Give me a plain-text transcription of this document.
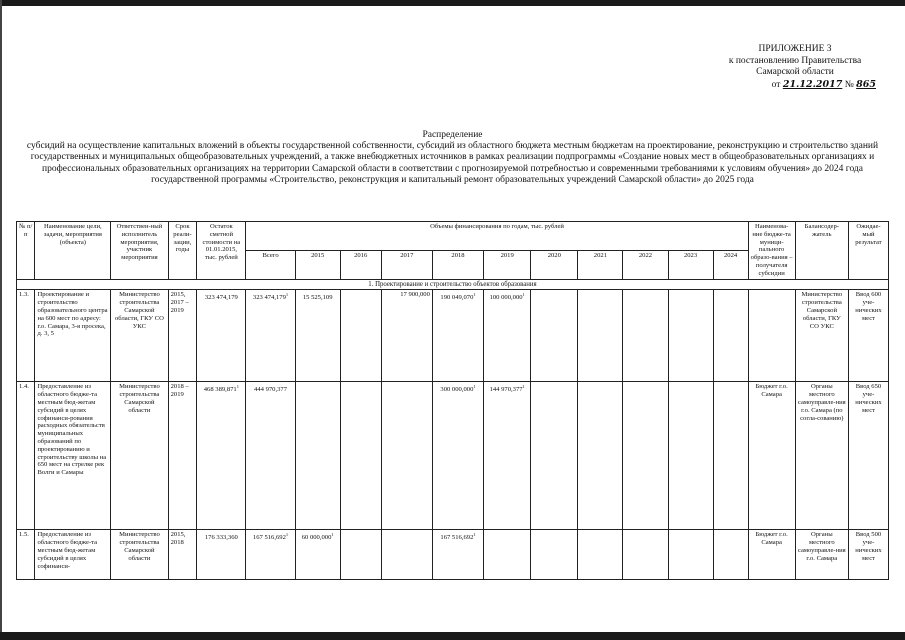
ПРИЛОЖЕНИЕ 3
к постановлению Правительства
Самарской области
от 21.12.2017 № 865
Распределение
субсидий на осуществление капитальных вложений в объекты государственной собственности, субсидий из областного бюджета местным бюджетам на проектирование, реконструкцию и строительство зданий государственных и муниципальных общеобразовательных учреждений, а также внебюджетных источников в рамках реализации подпрограммы «Создание новых мест в общеобразовательных организациях и профессиональных образовательных организациях на территории Самарской области в соответствии с прогнозируемой потребностью и современными требованиями к условиям обучения» до 2024 года государственной программы «Строительство, реконструкция и капитальный ремонт образовательных учреждений Самарской области» до 2025 года
№ п/п	Наименование цели, задачи, мероприятия (объекта)	Ответствен-ный исполнитель мероприятия, участник мероприятия	Срок реали-зации, годы	Остаток сметной стоимости на 01.01.2015, тыс. рублей	Объемы финансирования по годам, тыс. рублей											Наименова-ние бюдже-та муници-пального образо-вания – получателя субсидии	Балансодер-жатель	Ожидае-мый результат
					Всего	2015	2016	2017	2018	2019	2020	2021	2022	2023	2024			
1. Проектирование и строительство объектов образования																		
1.3.	Проектирование и строительство образовательного центра на 600 мест по адресу: г.о. Самара, 3-я просека, д. 3, 5	Министерство строительства Самарской области, ГКУ СО УКС	2015, 2017 – 2019	323 474,179	323 474,179$^1$	15 525,109		17 900,000	190 049,070$^1$	100 000,000$^1$							Министерство строительства Самарской области, ГКУ СО УКС	Ввод 600 уче-нических мест
1.4.	Предоставление из областного бюдже-та местным бюд-жетам субсидий в целях софинанси-рования расходных обязательств муниципальных образований по проектированию и строительству школы на 650 мест на стрелке рек Волги и Самары	Министерство строительства Самарской области	2018 – 2019	468 389,871$^1$	444 970,377				300 000,000$^1$	144 970,377$^1$						Бюджет г.о. Самара	Органы местного самоуправле-ния г.о. Самара (по согла-сованию)	Ввод 650 уче-нических мест
1.5.	Предоставление из областного бюдже-та местным бюд-жетам субсидий в целях софинанси-	Министерство строительства Самарской области	2015, 2018	176 333,360	167 516,692$^1$	60 000,000$^1$			167 516,692$^1$							Бюджет г.о. Самара	Органы местного самоуправле-ния г.о. Самара	Ввод 500 уче-нических мест
